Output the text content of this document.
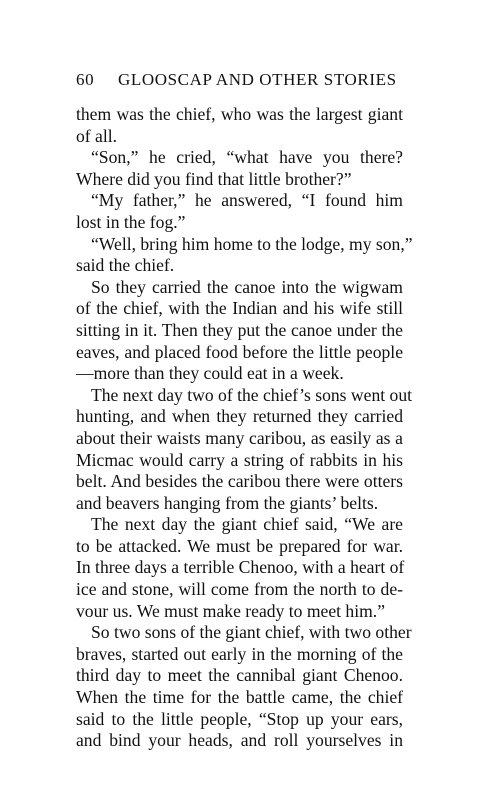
60 GLOOSCAP AND OTHER STORIES
them was the chief, who was the largest giant
of all.
“Son,” he cried, “what have you there?
Where did you find that little brother?”
“My father,” he answered, “I found him
lost in the fog.”
“Well, bring him home to the lodge, my son,”
said the chief.
So they carried the canoe into the wigwam
of the chief, with the Indian and his wife still
sitting in it. Then they put the canoe under the
eaves, and placed food before the little people
—more than they could eat in a week.
The next day two of the chief’s sons went out
hunting, and when they returned they carried
about their waists many caribou, as easily as a
Micmac would carry a string of rabbits in his
belt. And besides the caribou there were otters
and beavers hanging from the giants’ belts.
The next day the giant chief said, “We are
to be attacked. We must be prepared for war.
In three days a terrible Chenoo, with a heart of
ice and stone, will come from the north to de-
vour us. We must make ready to meet him.”
So two sons of the giant chief, with two other
braves, started out early in the morning of the
third day to meet the cannibal giant Chenoo.
When the time for the battle came, the chief
said to the little people, “Stop up your ears,
and bind your heads, and roll yourselves in
